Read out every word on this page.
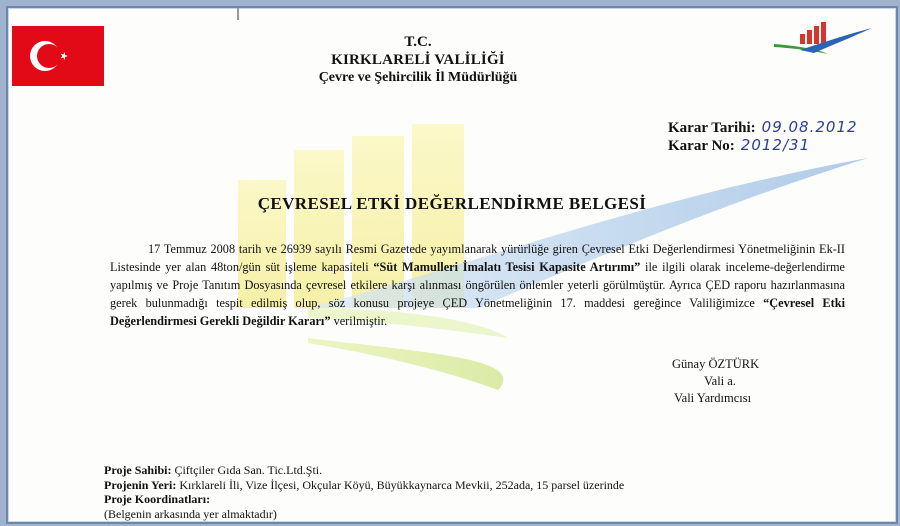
T.C.
KIRKLARELİ VALİLİĞİ
Çevre ve Şehircilik İl Müdürlüğü
Karar Tarihi: 09.08.2012
Karar No: 2012/31
ÇEVRESEL ETKİ DEĞERLENDİRME BELGESİ
17 Temmuz 2008 tarih ve 26939 sayılı Resmi Gazetede yayımlanarak yürürlüğe giren Çevresel Etki Değerlendirmesi Yönetmeliğinin Ek-II Listesinde yer alan 48ton/gün süt işleme kapasiteli “Süt Mamulleri İmalatı Tesisi Kapasite Artırımı” ile ilgili olarak inceleme-değerlendirme yapılmış ve Proje Tanıtım Dosyasında çevresel etkilere karşı alınması öngörülen önlemler yeterli görülmüştür. Ayrıca ÇED raporu hazırlanmasına gerek bulunmadığı tespit edilmiş olup, söz konusu projeye ÇED Yönetmeliğinin 17. maddesi gereğince Valiliğimizce “Çevresel Etki Değerlendirmesi Gerekli Değildir Kararı” verilmiştir.
Günay ÖZTÜRK
Vali a.
Vali Yardımcısı
Proje Sahibi: Çiftçiler Gıda San. Tic.Ltd.Şti.
Projenin Yeri: Kırklareli İli, Vize İlçesi, Okçular Köyü, Büyükkaynarca Mevkii, 252ada, 15 parsel üzerinde
Proje Koordinatları:
(Belgenin arkasında yer almaktadır)
